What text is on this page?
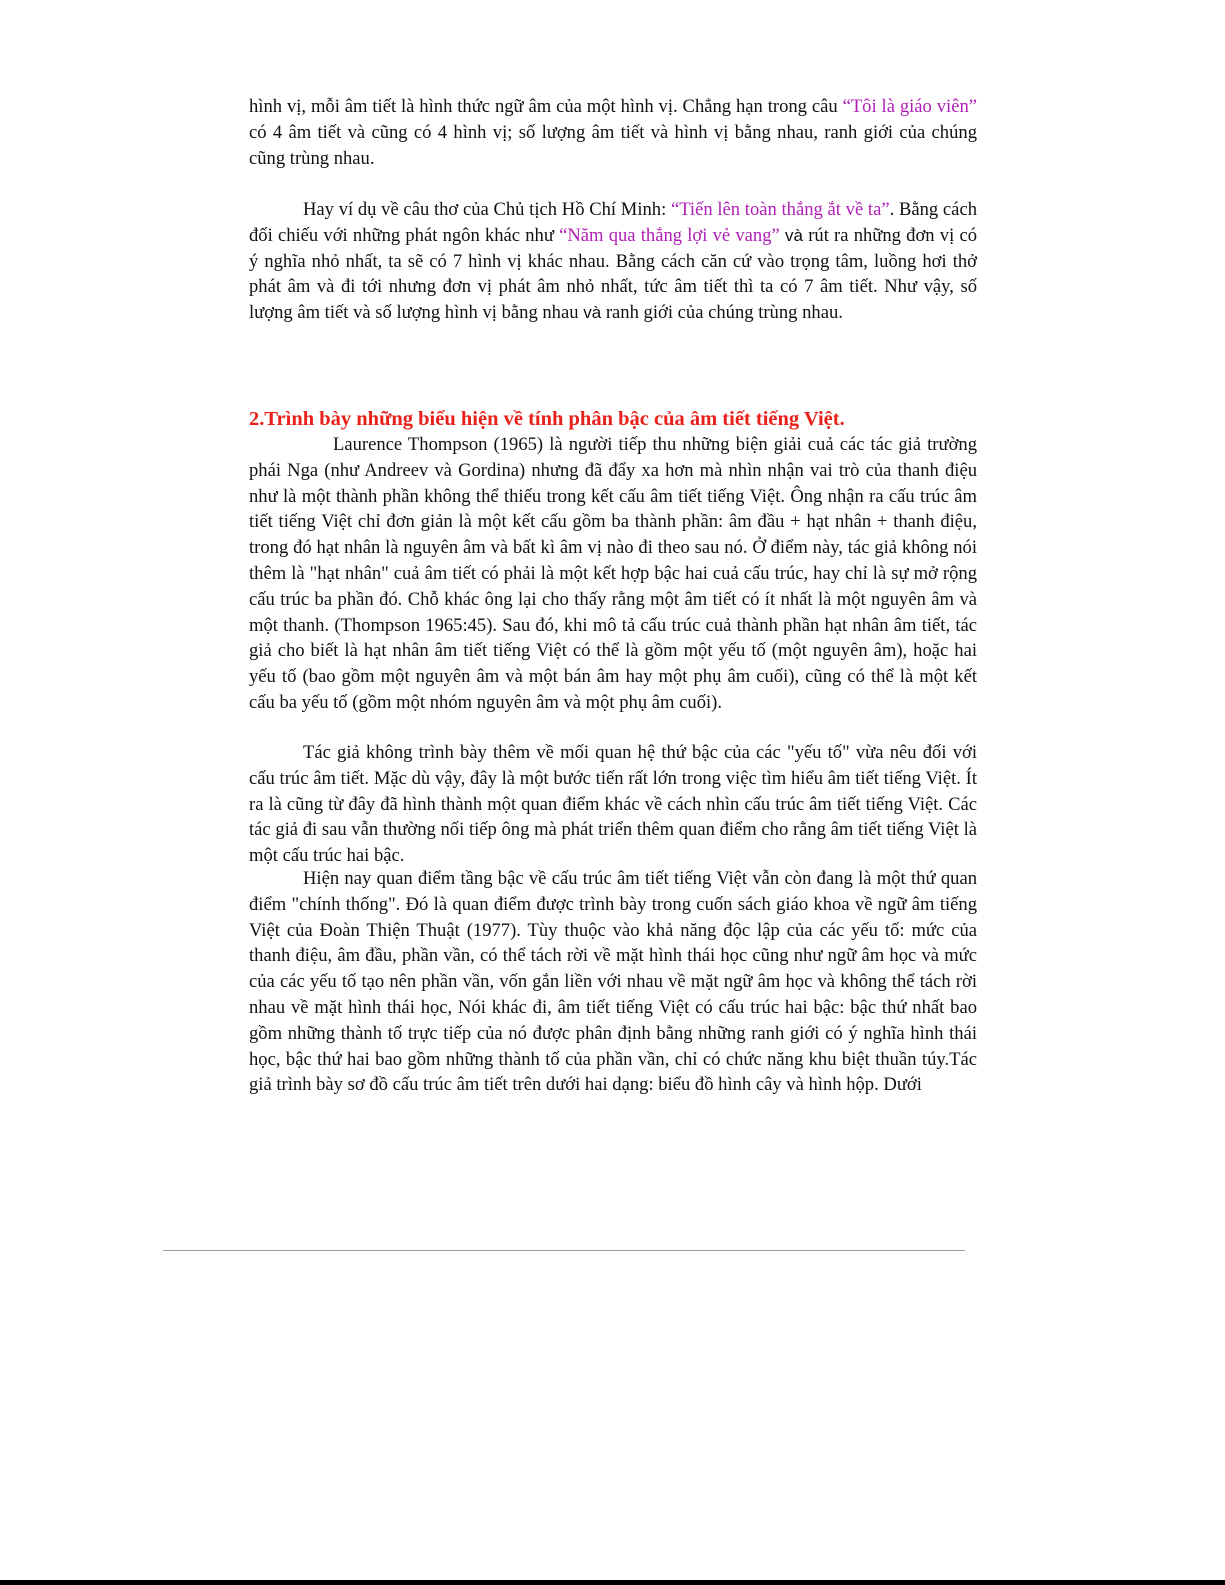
hình vị, mỗi âm tiết là hình thức ngữ âm của một hình vị. Chẳng hạn trong câu “Tôi là giáo viên” có 4 âm tiết và cũng có 4 hình vị; số lượng âm tiết và hình vị bằng nhau, ranh giới của chúng cũng trùng nhau.

Hay ví dụ về câu thơ của Chủ tịch Hồ Chí Minh: “Tiến lên toàn thắng ắt về ta”. Bằng cách đối chiếu với những phát ngôn khác như “Năm qua thắng lợi vẻ vang” và rút ra những đơn vị có ý nghĩa nhỏ nhất, ta sẽ có 7 hình vị khác nhau. Bằng cách căn cứ vào trọng tâm, luồng hơi thở phát âm và đi tới nhưng đơn vị phát âm nhỏ nhất, tức âm tiết thì ta có 7 âm tiết. Như vậy, số lượng âm tiết và số lượng hình vị bằng nhau và ranh giới của chúng trùng nhau.

2.Trình bày những biểu hiện về tính phân bậc của âm tiết tiếng Việt.

Laurence Thompson (1965) là người tiếp thu những biện giải cuả các tác giả trường phái Nga (như Andreev và Gordina) nhưng đã đẩy xa hơn mà nhìn nhận vai trò của thanh điệu như là một thành phần không thể thiếu trong kết cấu âm tiết tiếng Việt. Ông nhận ra cấu trúc âm tiết tiếng Việt chỉ đơn giản là một kết cấu gồm ba thành phần: âm đầu + hạt nhân + thanh điệu, trong đó hạt nhân là nguyên âm và bất kì âm vị nào đi theo sau nó. Ở điểm này, tác giả không nói thêm là "hạt nhân" cuả âm tiết có phải là một kết hợp bậc hai cuả cấu trúc, hay chỉ là sự mở rộng cấu trúc ba phần đó. Chỗ khác ông lại cho thấy rằng một âm tiết có ít nhất là một nguyên âm và một thanh. (Thompson 1965:45). Sau đó, khi mô tả cấu trúc cuả thành phần hạt nhân âm tiết, tác giả cho biết là hạt nhân âm tiết tiếng Việt có thể là gồm một yếu tố (một nguyên âm), hoặc hai yếu tố (bao gồm một nguyên âm và một bán âm hay một phụ âm cuối), cũng có thể là một kết cấu ba yếu tố (gồm một nhóm nguyên âm và một phụ âm cuối).

Tác giả không trình bày thêm về mối quan hệ thứ bậc của các "yếu tố" vừa nêu đối với cấu trúc âm tiết. Mặc dù vậy, đây là một bước tiến rất lớn trong việc tìm hiểu âm tiết tiếng Việt. Ít ra là cũng từ đây đã hình thành một quan điểm khác về cách nhìn cấu trúc âm tiết tiếng Việt. Các tác giả đi sau vẫn thường nối tiếp ông mà phát triển thêm quan điểm cho rằng âm tiết tiếng Việt là một cấu trúc hai bậc.

Hiện nay quan điểm tầng bậc về cấu trúc âm tiết tiếng Việt vẫn còn đang là một thứ quan điểm "chính thống". Đó là quan điểm được trình bày trong cuốn sách giáo khoa về ngữ âm tiếng Việt của Đoàn Thiện Thuật (1977). Tùy thuộc vào khả năng độc lập của các yếu tố: mức của thanh điệu, âm đầu, phần vần, có thể tách rời về mặt hình thái học cũng như ngữ âm học và mức của các yếu tố tạo nên phần vần, vốn gắn liền với nhau về mặt ngữ âm học và không thể tách rời nhau về mặt hình thái học, Nói khác đi, âm tiết tiếng Việt có cấu trúc hai bậc: bậc thứ nhất bao gồm những thành tố trực tiếp của nó được phân định bằng những ranh giới có ý nghĩa hình thái học, bậc thứ hai bao gồm những thành tố của phần vần, chỉ có chức năng khu biệt thuần túy.Tác giả trình bày sơ đồ cấu trúc âm tiết trên dưới hai dạng: biểu đồ hình cây và hình hộp. Dưới
